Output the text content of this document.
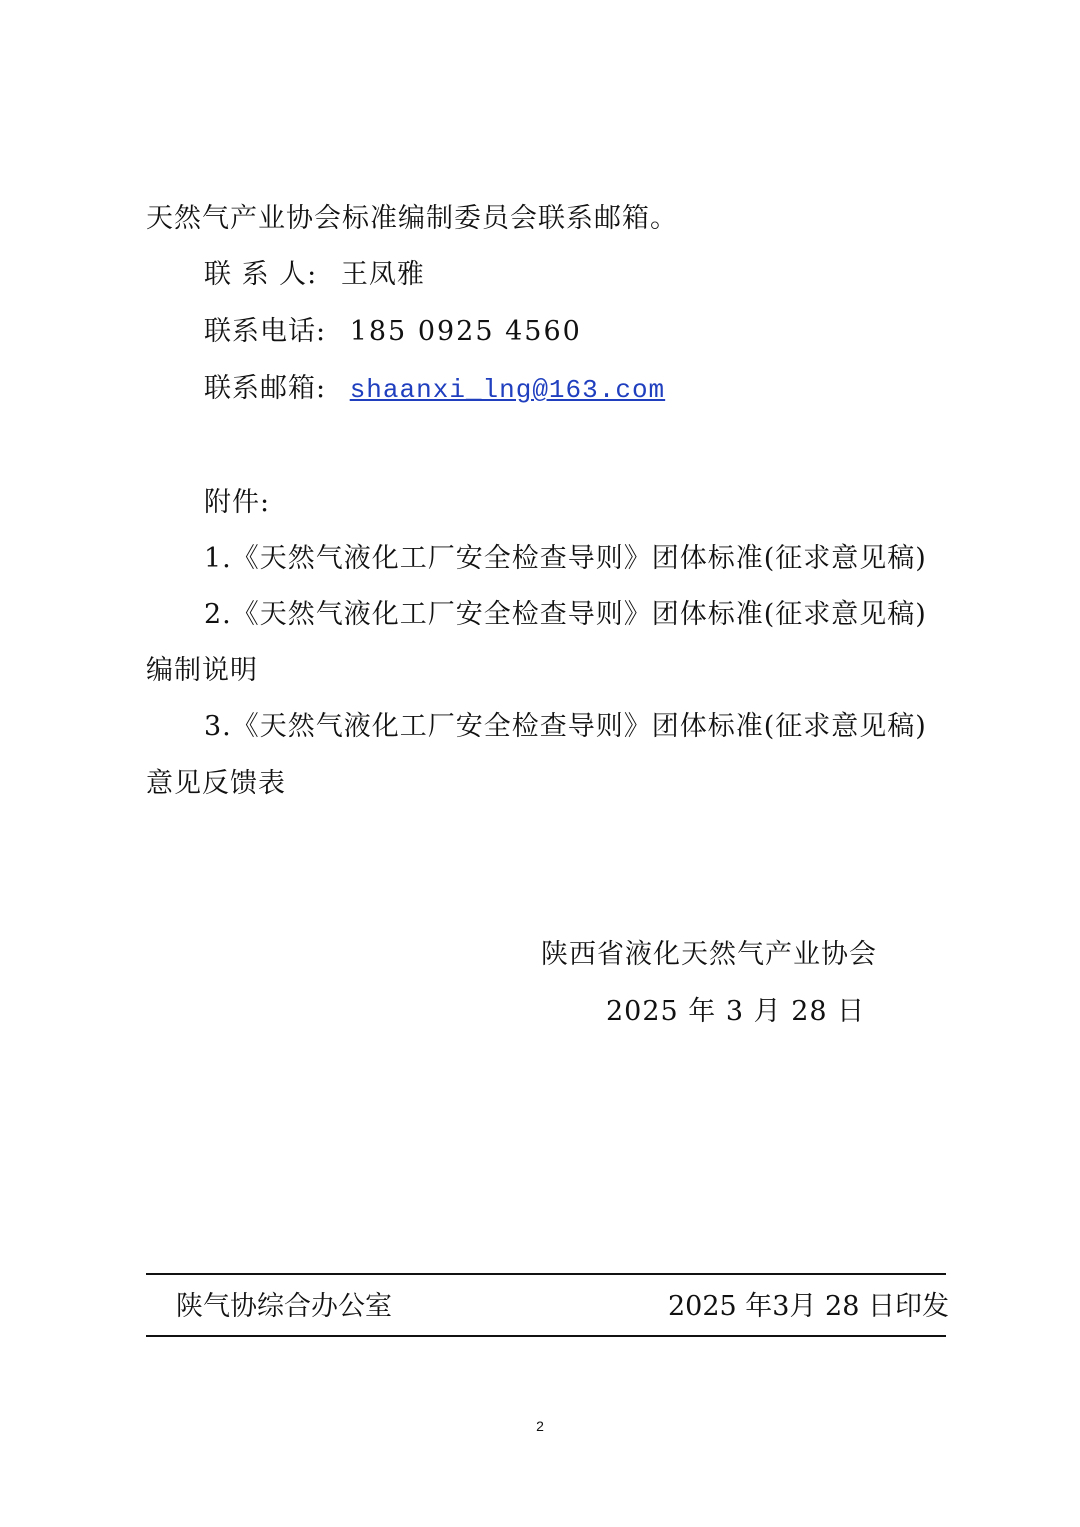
天然气产业协会标准编制委员会联系邮箱。
联 系 人: 王凤雅
联系电话: 185 0925 4560
联系邮箱: shaanxi_lng@163.com
附件:
1.《天然气液化工厂安全检查导则》团体标准(征求意见稿)
2.《天然气液化工厂安全检查导则》团体标准(征求意见稿)
编制说明
3.《天然气液化工厂安全检查导则》团体标准(征求意见稿)
意见反馈表
陕西省液化天然气产业协会
2025 年 3 月 28 日
陕气协综合办公室	2025 年3月 28 日印发
2
